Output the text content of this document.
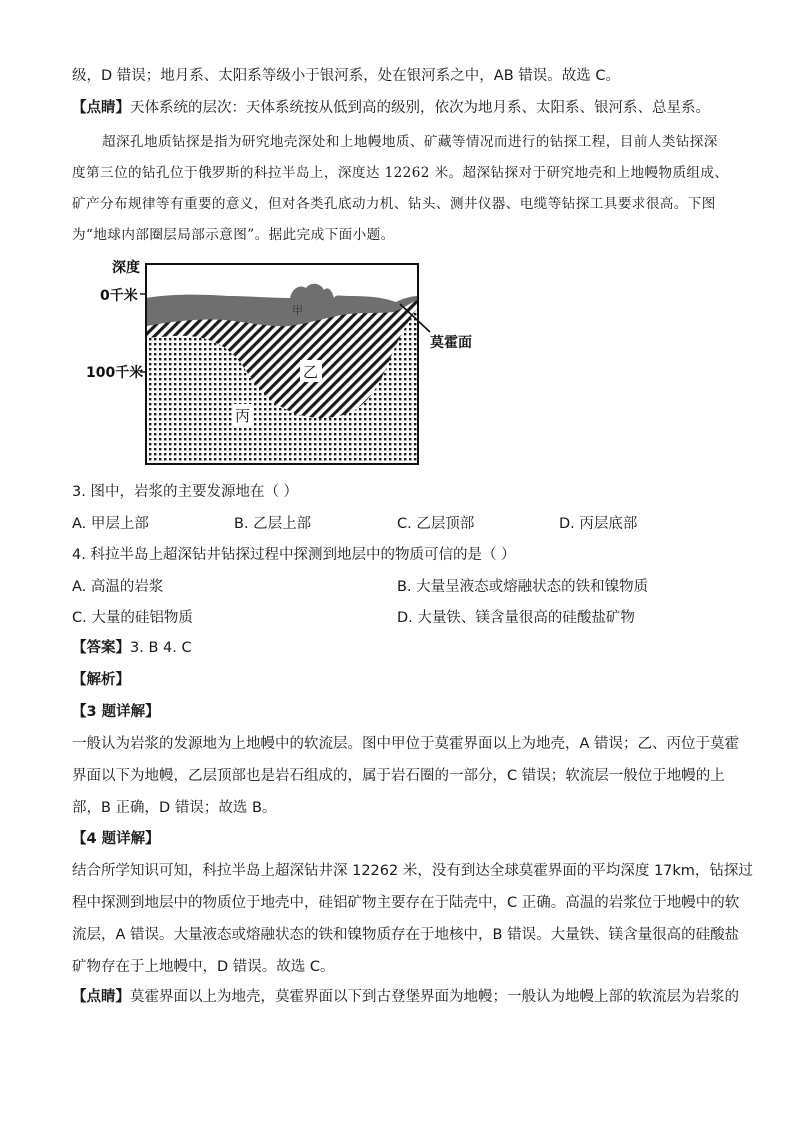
级，D 错误；地月系、太阳系等级小于银河系，处在银河系之中，AB 错误。故选 C。
【点睛】天体系统的层次：天体系统按从低到高的级别，依次为地月系、太阳系、银河系、总星系。
超深孔地质钻探是指为研究地壳深处和上地幔地质、矿藏等情况而进行的钻探工程，目前人类钻探深
度第三位的钻孔位于俄罗斯的科拉半岛上，深度达 12262 米。超深钻探对于研究地壳和上地幔物质组成、
矿产分布规律等有重要的意义，但对各类孔底动力机、钻头、测井仪器、电缆等钻探工具要求很高。下图
为“地球内部圈层局部示意图”。据此完成下面小题。
深度
0千米
100千米
莫霍面
甲
乙
丙
3. 图中，岩浆的主要发源地在（ ）
A. 甲层上部	B. 乙层上部	C. 乙层顶部	D. 丙层底部
4. 科拉半岛上超深钻井钻探过程中探测到地层中的物质可信的是（ ）
A. 高温的岩浆	B. 大量呈液态或熔融状态的铁和镍物质
C. 大量的硅铝物质	D. 大量铁、镁含量很高的硅酸盐矿物
【答案】3. B 4. C
【解析】
【3 题详解】
一般认为岩浆的发源地为上地幔中的软流层。图中甲位于莫霍界面以上为地壳，A 错误；乙、丙位于莫霍
界面以下为地幔，乙层顶部也是岩石组成的，属于岩石圈的一部分，C 错误；软流层一般位于地幔的上
部，B 正确，D 错误；故选 B。
【4 题详解】
结合所学知识可知，科拉半岛上超深钻井深 12262 米，没有到达全球莫霍界面的平均深度 17km，钻探过
程中探测到地层中的物质位于地壳中，硅铝矿物主要存在于陆壳中，C 正确。高温的岩浆位于地幔中的软
流层，A 错误。大量液态或熔融状态的铁和镍物质存在于地核中，B 错误。大量铁、镁含量很高的硅酸盐
矿物存在于上地幔中，D 错误。故选 C。
【点睛】莫霍界面以上为地壳，莫霍界面以下到古登堡界面为地幔；一般认为地幔上部的软流层为岩浆的
